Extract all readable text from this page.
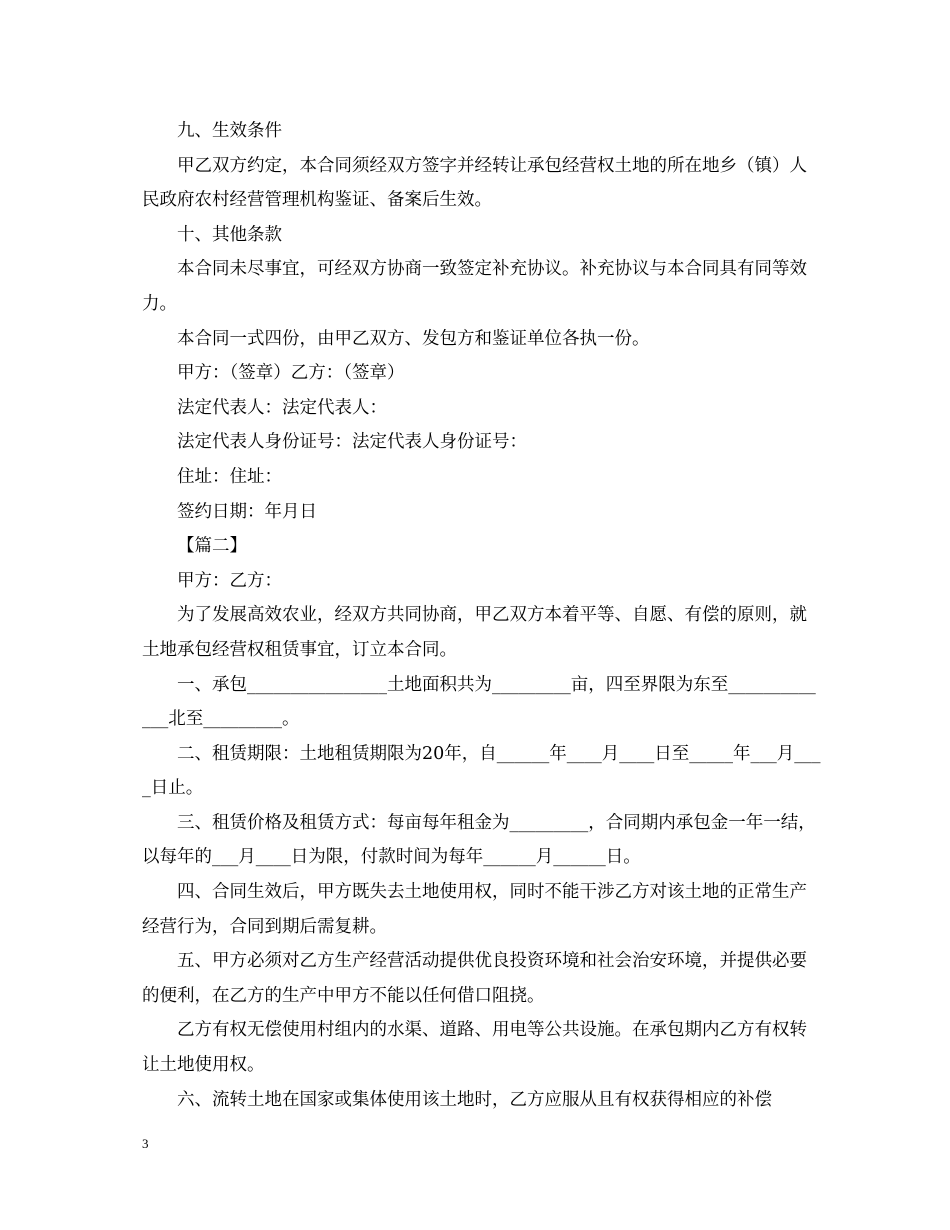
九、生效条件

甲乙双方约定，本合同须经双方签字并经转让承包经营权土地的所在地乡（镇）人民政府农村经营管理机构鉴证、备案后生效。

十、其他条款

本合同未尽事宜，可经双方协商一致签定补充协议。补充协议与本合同具有同等效力。

本合同一式四份，由甲乙双方、发包方和鉴证单位各执一份。

甲方：（签章）乙方：（签章）

法定代表人：法定代表人：

法定代表人身份证号：法定代表人身份证号：

住址：住址：

签约日期：年月日

【篇二】

甲方：乙方：

为了发展高效农业，经双方共同协商，甲乙双方本着平等、自愿、有偿的原则，就土地承包经营权租赁事宜，订立本合同。

一、承包________________土地面积共为_________亩，四至界限为东至_____________北至_________。

二、租赁期限：土地租赁期限为20年，自______年____月____日至_____年___月____日止。

三、租赁价格及租赁方式：每亩每年租金为_________，合同期内承包金一年一结，以每年的___月____日为限，付款时间为每年______月______日。

四、合同生效后，甲方既失去土地使用权，同时不能干涉乙方对该土地的正常生产经营行为，合同到期后需复耕。

五、甲方必须对乙方生产经营活动提供优良投资环境和社会治安环境，并提供必要的便利，在乙方的生产中甲方不能以任何借口阻挠。

乙方有权无偿使用村组内的水渠、道路、用电等公共设施。在承包期内乙方有权转让土地使用权。

六、流转土地在国家或集体使用该土地时，乙方应服从且有权获得相应的补偿

3
